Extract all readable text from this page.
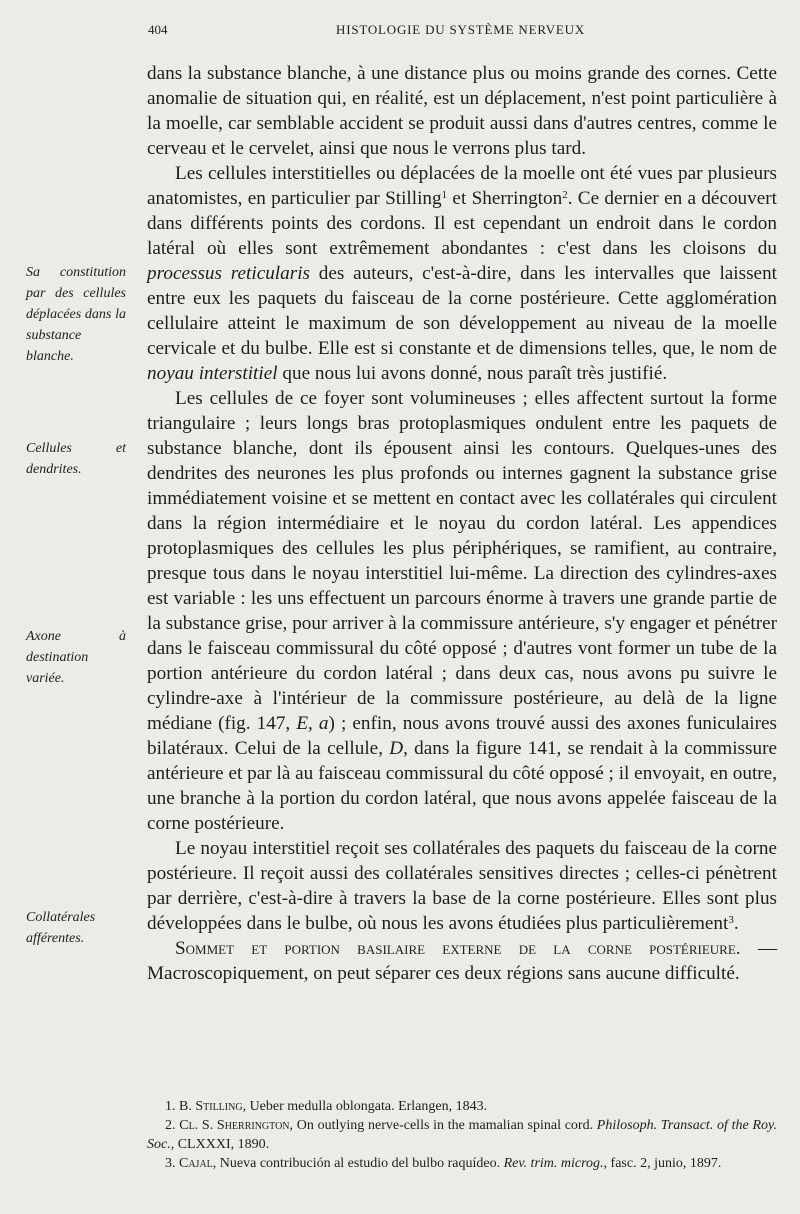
404	HISTOLOGIE DU SYSTÈME NERVEUX
Sa constitution par des cellules déplacées dans la substance blanche.
Cellules et dendrites.
Axone à destination variée.
Collatérales afférentes.

dans la substance blanche, à une distance plus ou moins grande des cornes. Cette anomalie de situation qui, en réalité, est un déplacement, n'est point particulière à la moelle, car semblable accident se produit aussi dans d'autres centres, comme le cerveau et le cervelet, ainsi que nous le verrons plus tard.

Les cellules interstitielles ou déplacées de la moelle ont été vues par plusieurs anatomistes, en particulier par Stilling$^1$ et Sherrington$^2$. Ce dernier en a découvert dans différents points des cordons. Il est cependant un endroit dans le cordon latéral où elles sont extrêmement abondantes : c'est dans les cloisons du processus reticularis des auteurs, c'est-à-dire, dans les intervalles que laissent entre eux les paquets du faisceau de la corne postérieure. Cette agglomération cellulaire atteint le maximum de son développement au niveau de la moelle cervicale et du bulbe. Elle est si constante et de dimensions telles, que, le nom de noyau interstitiel que nous lui avons donné, nous paraît très justifié.

Les cellules de ce foyer sont volumineuses ; elles affectent surtout la forme triangulaire ; leurs longs bras protoplasmiques ondulent entre les paquets de substance blanche, dont ils épousent ainsi les contours. Quelques-unes des dendrites des neurones les plus profonds ou internes gagnent la substance grise immédiatement voisine et se mettent en contact avec les collatérales qui circulent dans la région intermédiaire et le noyau du cordon latéral. Les appendices protoplasmiques des cellules les plus périphériques, se ramifient, au contraire, presque tous dans le noyau interstitiel lui-même. La direction des cylindres-axes est variable : les uns effectuent un parcours énorme à travers une grande partie de la substance grise, pour arriver à la commissure antérieure, s'y engager et pénétrer dans le faisceau commissural du côté opposé ; d'autres vont former un tube de la portion antérieure du cordon latéral ; dans deux cas, nous avons pu suivre le cylindre-axe à l'intérieur de la commissure postérieure, au delà de la ligne médiane (fig. 147, E, a) ; enfin, nous avons trouvé aussi des axones funiculaires bilatéraux. Celui de la cellule, D, dans la figure 141, se rendait à la commissure antérieure et par là au faisceau commissural du côté opposé ; il envoyait, en outre, une branche à la portion du cordon latéral, que nous avons appelée faisceau de la corne postérieure.

Le noyau interstitiel reçoit ses collatérales des paquets du faisceau de la corne postérieure. Il reçoit aussi des collatérales sensitives directes ; celles-ci pénètrent par derrière, c'est-à-dire à travers la base de la corne postérieure. Elles sont plus développées dans le bulbe, où nous les avons étudiées plus particulièrement$^3$.

Sommet et portion basilaire externe de la corne postérieure. — Macroscopiquement, on peut séparer ces deux régions sans aucune difficulté.

1. B. Stilling, Ueber medulla oblongata. Erlangen, 1843.

2. Cl. S. Sherrington, On outlying nerve-cells in the mamalian spinal cord. Philosoph. Transact. of the Roy. Soc., CLXXXI, 1890.

3. Cajal, Nueva contribución al estudio del bulbo raquídeo. Rev. trim. microg., fasc. 2, junio, 1897.
